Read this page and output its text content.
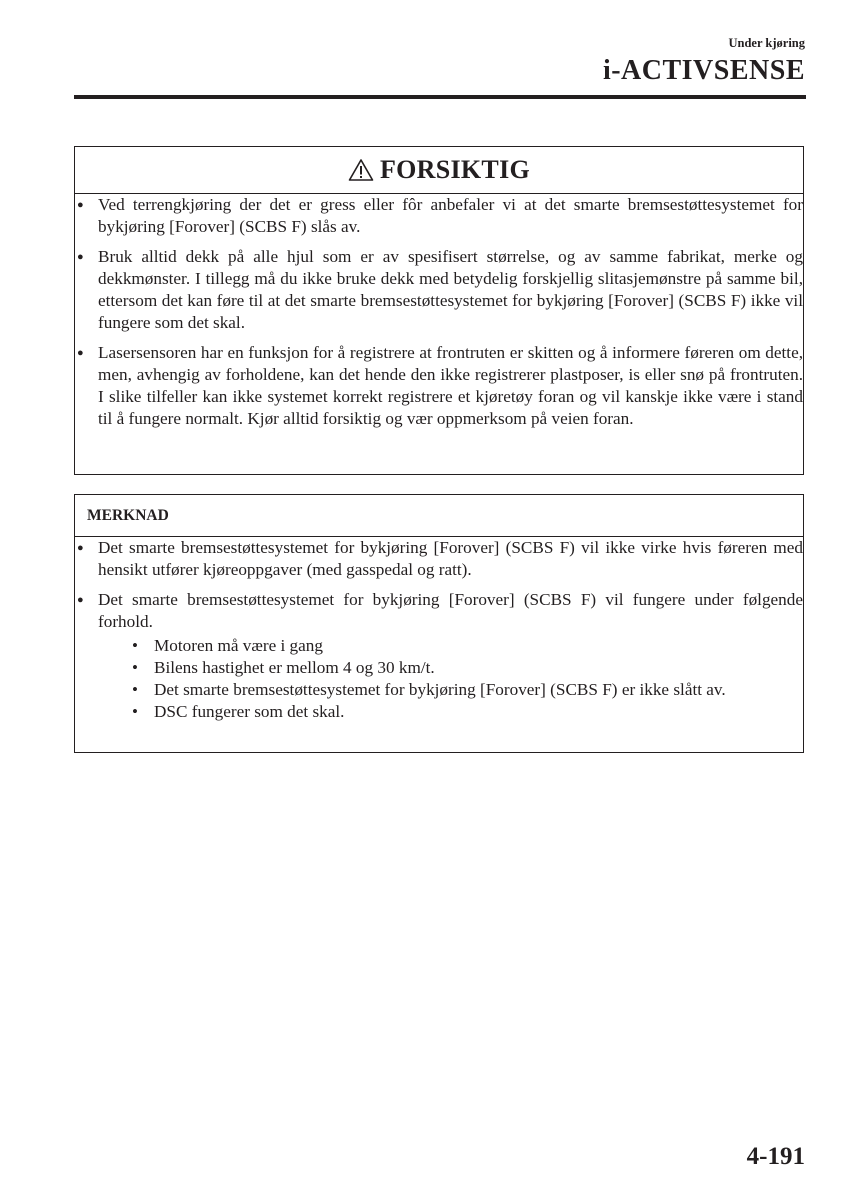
Under kjøring
i-ACTIVSENSE
FORSIKTIG
● Ved terrengkjøring der det er gress eller fôr anbefaler vi at det smarte bremsestøttesystemet for bykjøring [Forover] (SCBS F) slås av.
● Bruk alltid dekk på alle hjul som er av spesifisert størrelse, og av samme fabrikat, merke og dekkmønster. I tillegg må du ikke bruke dekk med betydelig forskjellig slitasjemønstre på samme bil, ettersom det kan føre til at det smarte bremsestøttesystemet for bykjøring [Forover] (SCBS F) ikke vil fungere som det skal.
● Lasersensoren har en funksjon for å registrere at frontruten er skitten og å informere føreren om dette, men, avhengig av forholdene, kan det hende den ikke registrerer plastposer, is eller snø på frontruten. I slike tilfeller kan ikke systemet korrekt registrere et kjøretøy foran og vil kanskje ikke være i stand til å fungere normalt. Kjør alltid forsiktig og vær oppmerksom på veien foran.
MERKNAD
● Det smarte bremsestøttesystemet for bykjøring [Forover] (SCBS F) vil ikke virke hvis føreren med hensikt utfører kjøreoppgaver (med gasspedal og ratt).
● Det smarte bremsestøttesystemet for bykjøring [Forover] (SCBS F) vil fungere under følgende forhold.
• Motoren må være i gang
• Bilens hastighet er mellom 4 og 30 km/t.
• Det smarte bremsestøttesystemet for bykjøring [Forover] (SCBS F) er ikke slått av.
• DSC fungerer som det skal.
4-191
